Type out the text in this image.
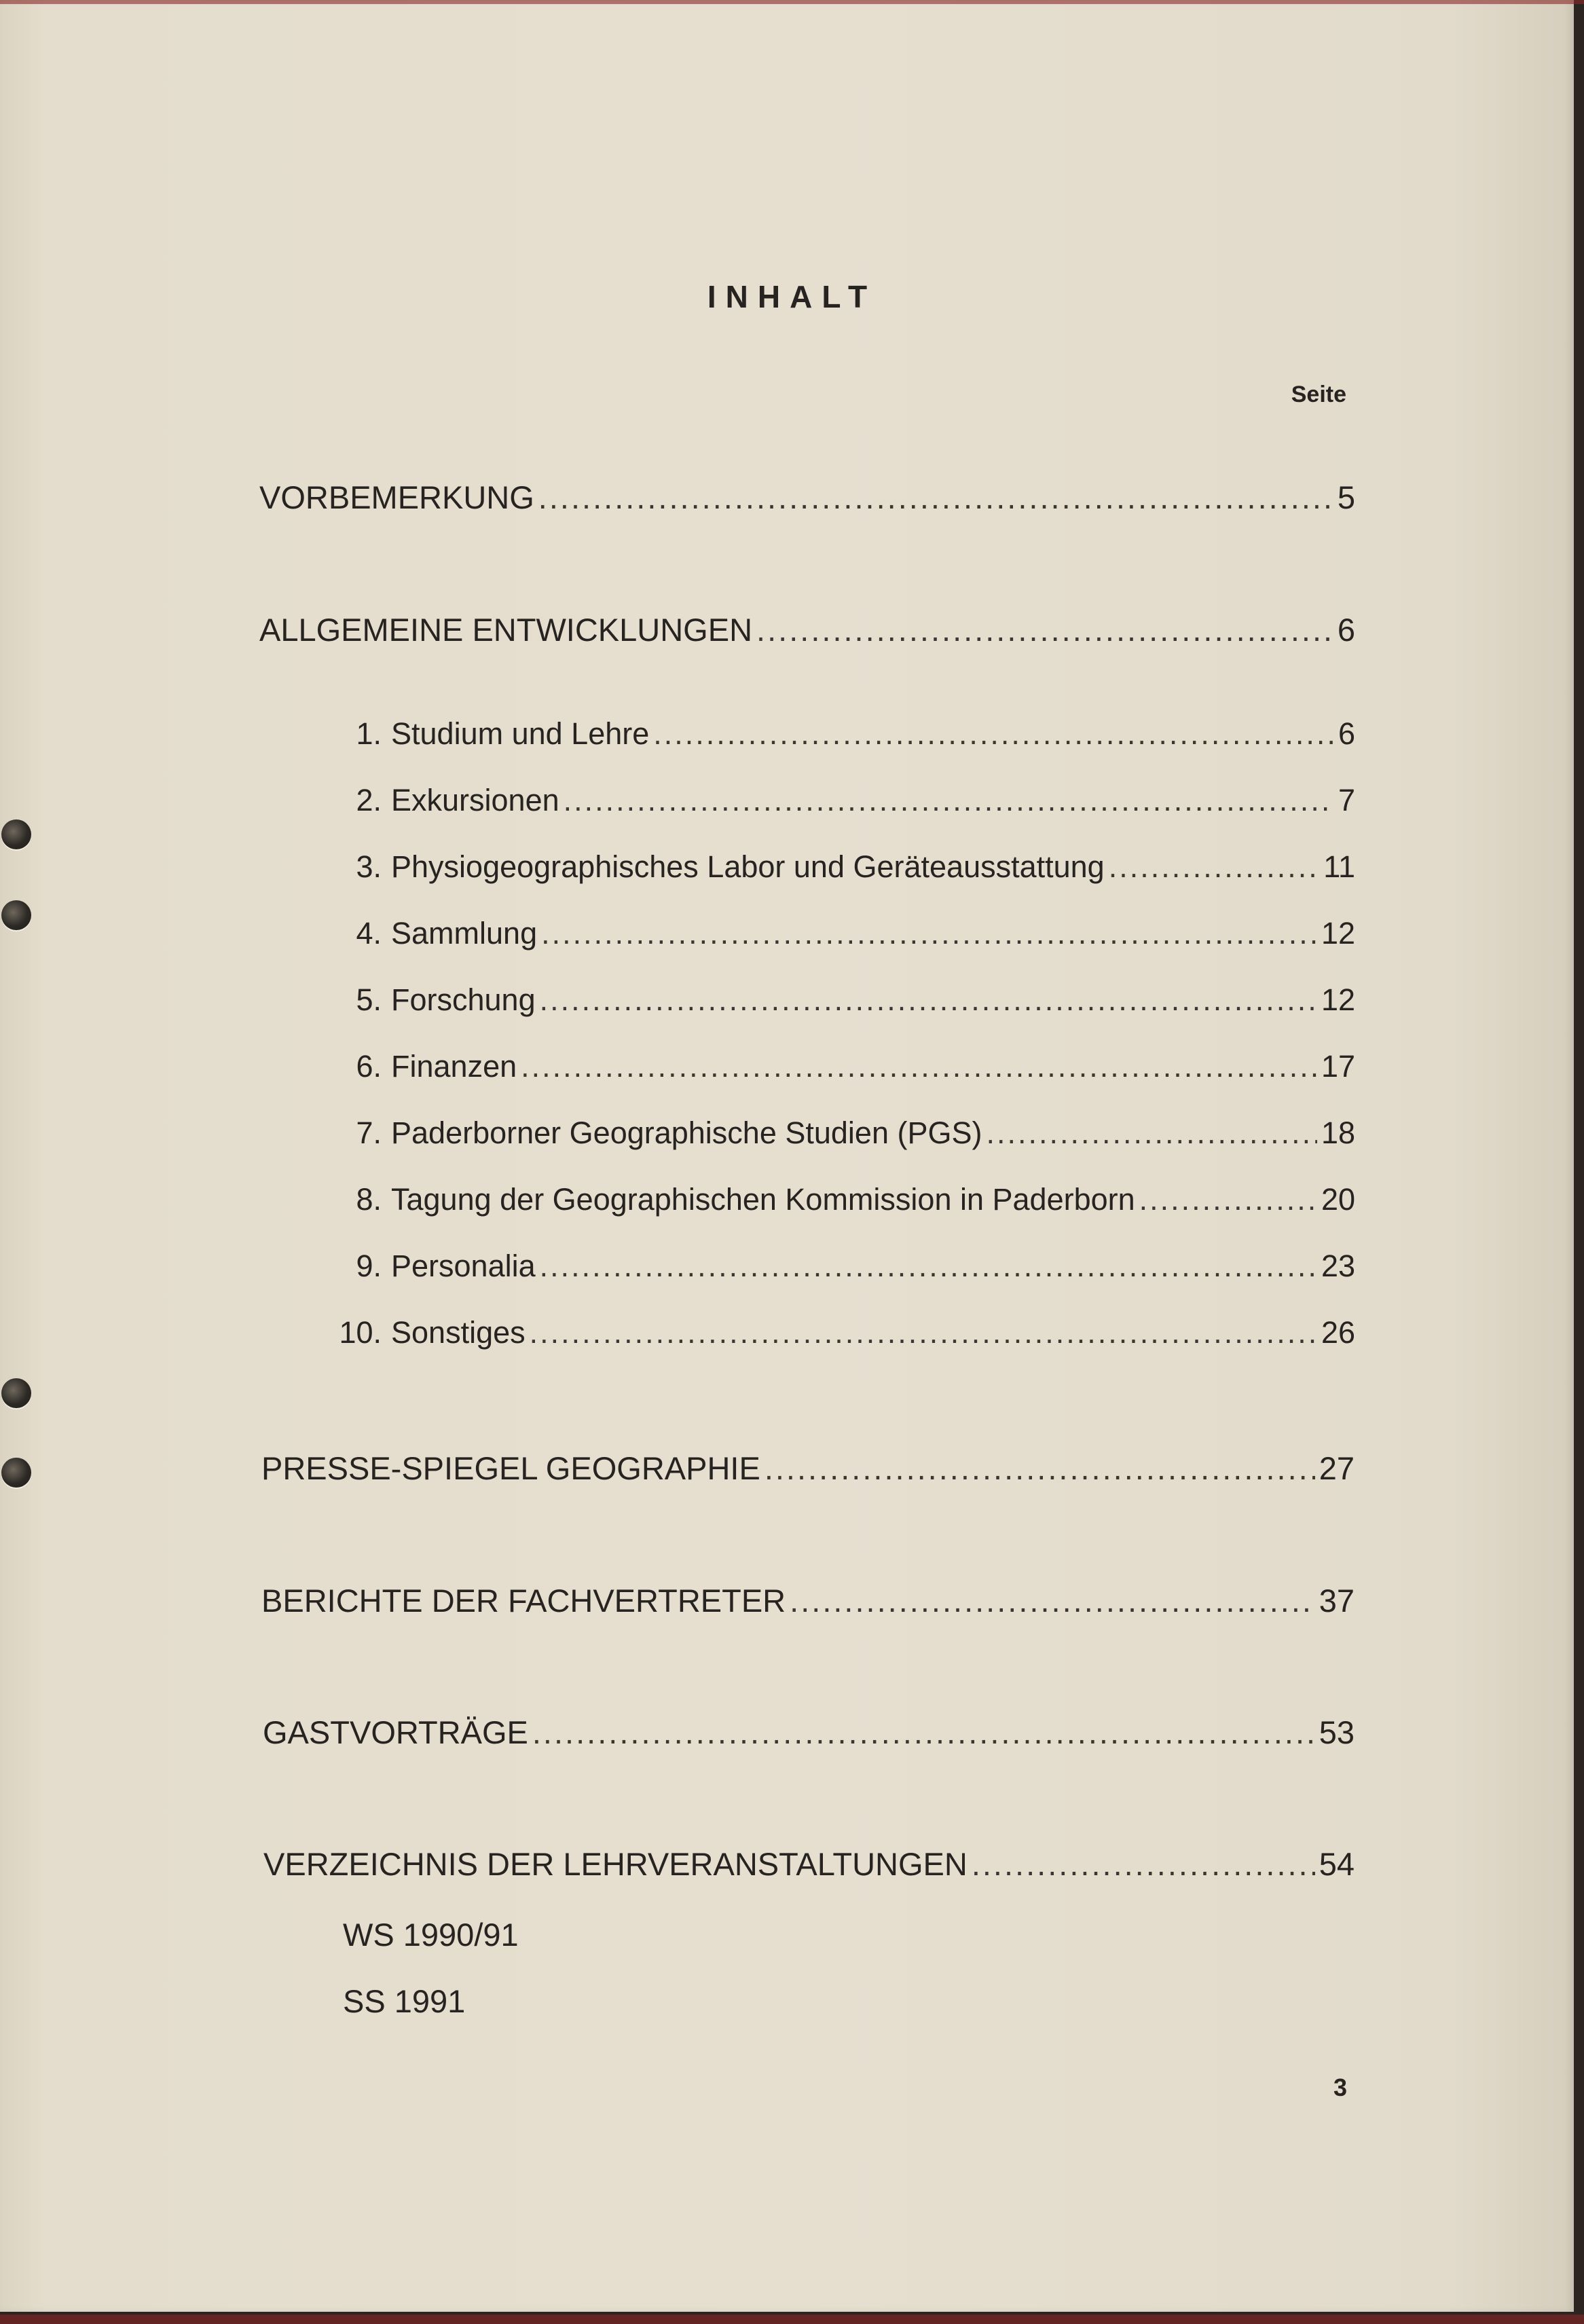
INHALT
Seite
VORBEMERKUNG .....	5
ALLGEMEINE ENTWICKLUNGEN .....	6
1. Studium und Lehre .....	6
2. Exkursionen .....	7
3. Physiogeographisches Labor und Geräteausstattung .....	11
4. Sammlung .....	12
5. Forschung .....	12
6. Finanzen .....	17
7. Paderborner Geographische Studien (PGS) .....	18
8. Tagung der Geographischen Kommission in Paderborn .....	20
9. Personalia .....	23
10. Sonstiges .....	26
PRESSE-SPIEGEL GEOGRAPHIE .....	27
BERICHTE DER FACHVERTRETER .....	37
GASTVORTRÄGE .....	53
VERZEICHNIS DER LEHRVERANSTALTUNGEN .....	54
WS 1990/91
SS 1991
3
